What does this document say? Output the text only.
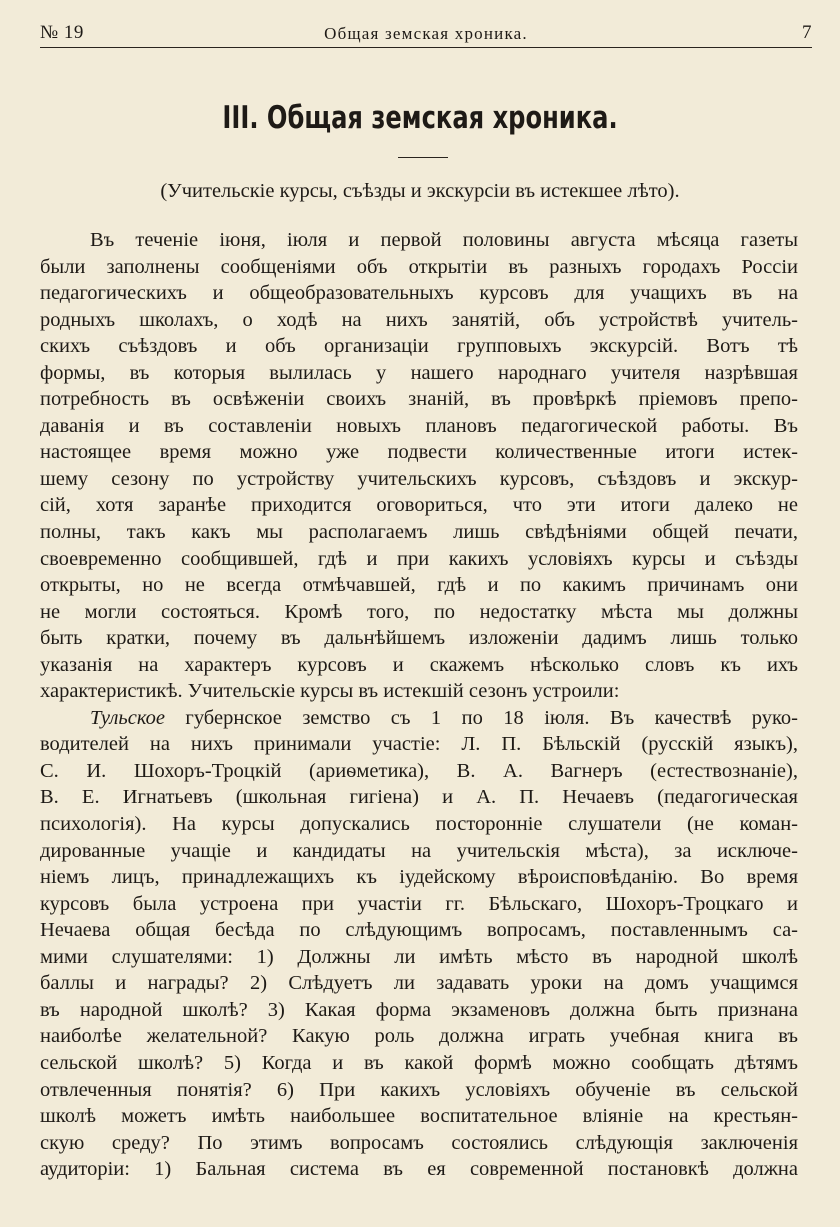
№ 19	Общая земская хроника.	7
III. Общая земская хроника.
(Учительскіе курсы, съѣзды и экскурсіи въ истекшее лѣто).
Въ теченіе іюня, іюля и первой половины августа мѣсяца газеты
были заполнены сообщеніями объ открытіи въ разныхъ городахъ Россіи
педагогическихъ и общеобразовательныхъ курсовъ для учащихъ въ на
родныхъ школахъ, о ходѣ на нихъ занятій, объ устройствѣ учитель-
скихъ съѣздовъ и объ организаціи групповыхъ экскурсій. Вотъ тѣ
формы, въ которыя вылилась у нашего народнаго учителя назрѣвшая
потребность въ освѣженіи своихъ знаній, въ провѣркѣ пріемовъ препо-
даванія и въ составленіи новыхъ плановъ педагогической работы. Въ
настоящее время можно уже подвести количественные итоги истек-
шему сезону по устройству учительскихъ курсовъ, съѣздовъ и экскур-
сій, хотя заранѣе приходится оговориться, что эти итоги далеко не
полны, такъ какъ мы располагаемъ лишь свѣдѣніями общей печати,
своевременно сообщившей, гдѣ и при какихъ условіяхъ курсы и съѣзды
открыты, но не всегда отмѣчавшей, гдѣ и по какимъ причинамъ они
не могли состояться. Кромѣ того, по недостатку мѣста мы должны
быть кратки, почему въ дальнѣйшемъ изложеніи дадимъ лишь только
указанія на характеръ курсовъ и скажемъ нѣсколько словъ къ ихъ
характеристикѣ. Учительскіе курсы въ истекшій сезонъ устроили:
Тульское губернское земство съ 1 по 18 іюля. Въ качествѣ руко-
водителей на нихъ принимали участіе: Л. П. Бѣльскій (русскій языкъ),
С. И. Шохоръ-Троцкій (ариѳметика), В. А. Вагнеръ (естествознаніе),
В. Е. Игнатьевъ (школьная гигіена) и А. П. Нечаевъ (педагогическая
психологія). На курсы допускались посторонніе слушатели (не коман-
дированные учащіе и кандидаты на учительскія мѣста), за исключе-
ніемъ лицъ, принадлежащихъ къ іудейскому вѣроисповѣданію. Во время
курсовъ была устроена при участіи гг. Бѣльскаго, Шохоръ-Троцкаго и
Нечаева общая бесѣда по слѣдующимъ вопросамъ, поставленнымъ са-
мими слушателями: 1) Должны ли имѣть мѣсто въ народной школѣ
баллы и награды? 2) Слѣдуетъ ли задавать уроки на домъ учащимся
въ народной школѣ? 3) Какая форма экзаменовъ должна быть признана
наиболѣе желательной? Какую роль должна играть учебная книга въ
сельской школѣ? 5) Когда и въ какой формѣ можно сообщать дѣтямъ
отвлеченныя понятія? 6) При какихъ условіяхъ обученіе въ сельской
школѣ можетъ имѣть наибольшее воспитательное вліяніе на крестьян-
скую среду? По этимъ вопросамъ состоялись слѣдующія заключенія
аудиторіи: 1) Бальная система въ ея современной постановкѣ должна
